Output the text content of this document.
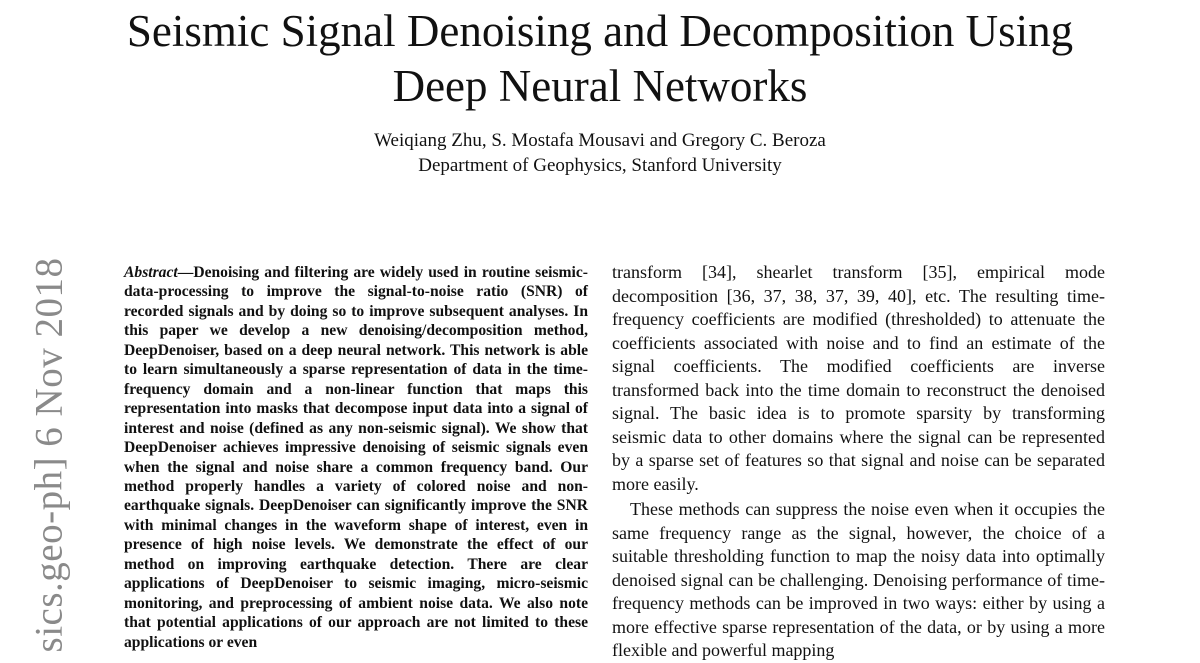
Seismic Signal Denoising and Decomposition Using
Deep Neural Networks
Weiqiang Zhu, S. Mostafa Mousavi and Gregory C. Beroza
Department of Geophysics, Stanford University
sics.geo-ph] 6 Nov 2018	Abstract—Denoising and filtering are widely used in routine seismic-data-processing to improve the signal-to-noise ratio (SNR) of recorded signals and by doing so to improve subsequent analyses. In this paper we develop a new denoising/decomposition method, DeepDenoiser, based on a deep neural network. This network is able to learn simultaneously a sparse representation of data in the time-frequency domain and a non-linear function that maps this representation into masks that decompose input data into a signal of interest and noise (defined as any non-seismic signal). We show that DeepDenoiser achieves impressive denoising of seismic signals even when the signal and noise share a common frequency band. Our method properly handles a variety of colored noise and non-earthquake signals. DeepDenoiser can significantly improve the SNR with minimal changes in the waveform shape of interest, even in presence of high noise levels. We demonstrate the effect of our method on improving earthquake detection. There are clear applications of DeepDenoiser to seismic imaging, micro-seismic monitoring, and preprocessing of ambient noise data. We also note that potential applications of our approach are not limited to these applications or even

transform [34], shearlet transform [35], empirical mode decomposition [36, 37, 38, 37, 39, 40], etc. The resulting time-frequency coefficients are modified (thresholded) to attenuate the coefficients associated with noise and to find an estimate of the signal coefficients. The modified coefficients are inverse transformed back into the time domain to reconstruct the denoised signal. The basic idea is to promote sparsity by transforming seismic data to other domains where the signal can be represented by a sparse set of features so that signal and noise can be separated more easily.

These methods can suppress the noise even when it occupies the same frequency range as the signal, however, the choice of a suitable thresholding function to map the noisy data into optimally denoised signal can be challenging. Denoising performance of time-frequency methods can be improved in two ways: either by using a more effective sparse representation of the data, or by using a more flexible and powerful mapping
